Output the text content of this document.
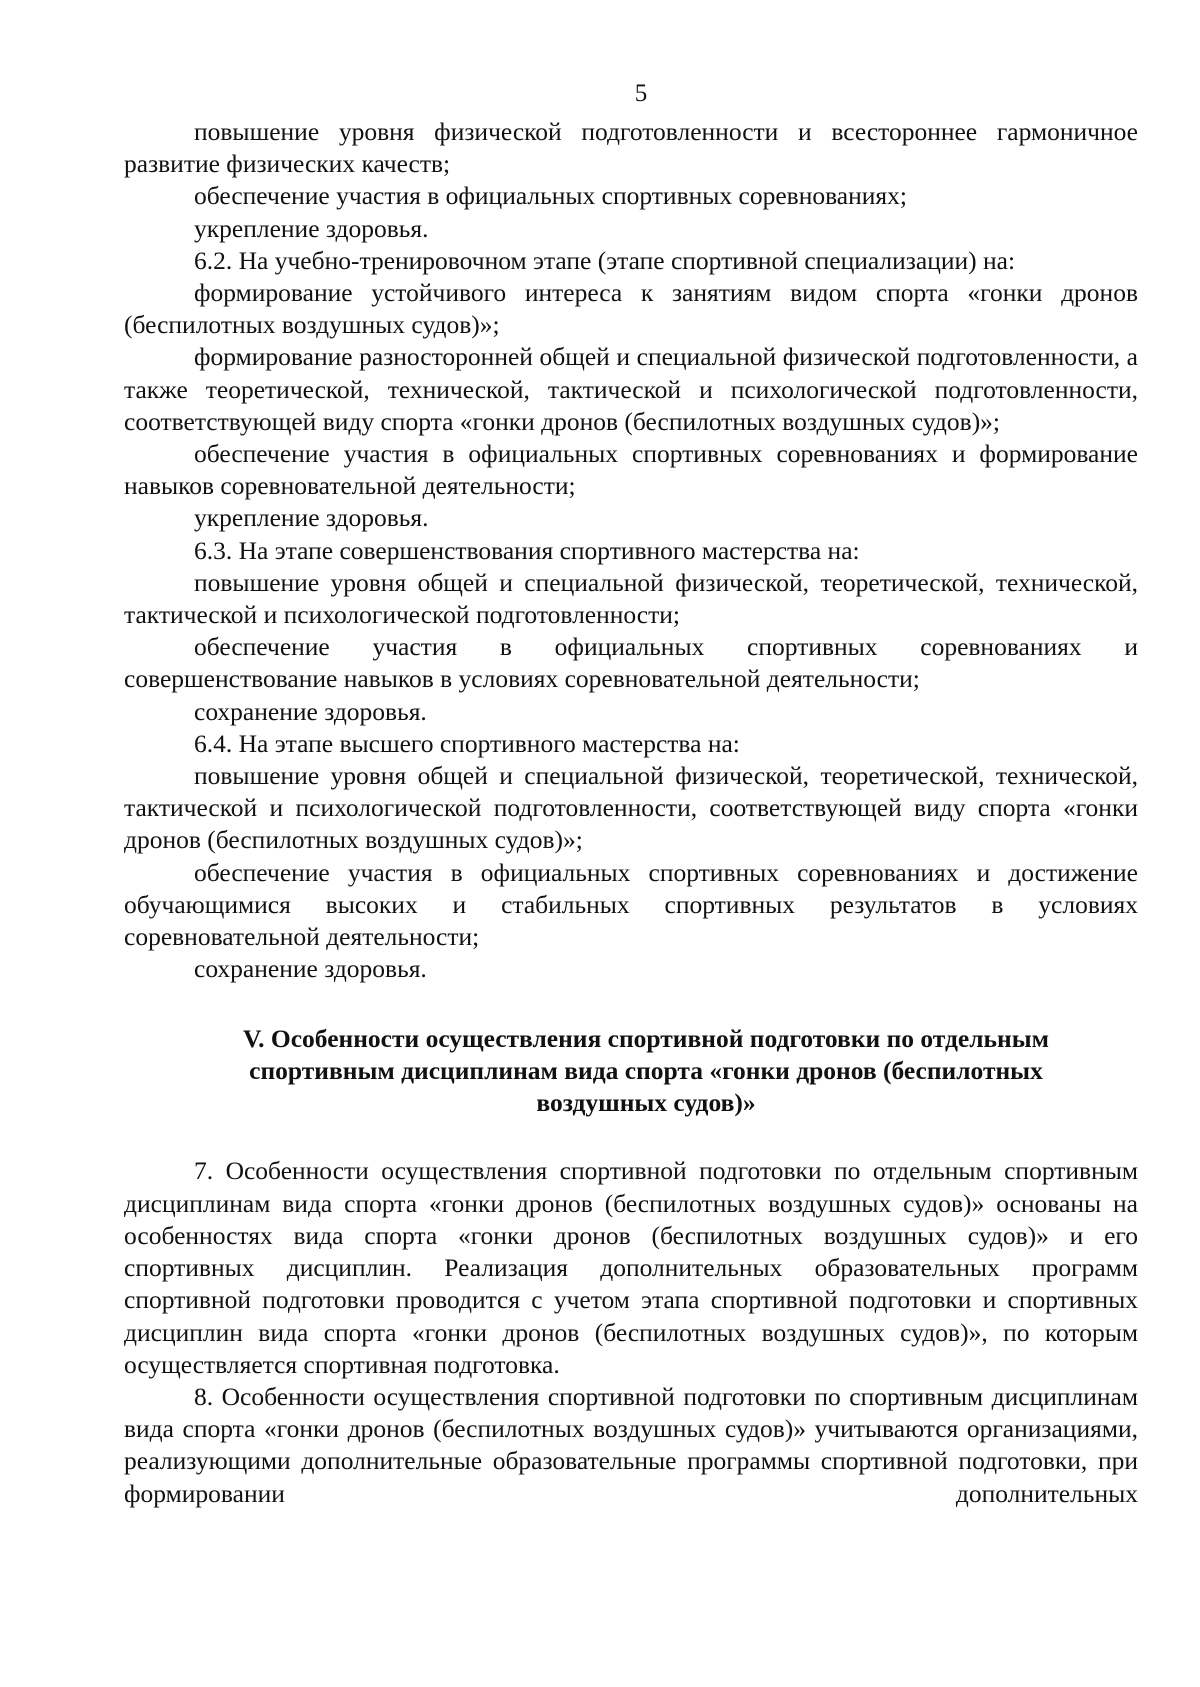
5

повышение уровня физической подготовленности и всестороннее гармоничное развитие физических качеств;

обеспечение участия в официальных спортивных соревнованиях;

укрепление здоровья.

6.2. На учебно-тренировочном этапе (этапе спортивной специализации) на:

формирование устойчивого интереса к занятиям видом спорта «гонки дронов (беспилотных воздушных судов)»;

формирование разносторонней общей и специальной физической подготовленности, а также теоретической, технической, тактической и психологической подготовленности, соответствующей виду спорта «гонки дронов (беспилотных воздушных судов)»;

обеспечение участия в официальных спортивных соревнованиях и формирование навыков соревновательной деятельности;

укрепление здоровья.

6.3. На этапе совершенствования спортивного мастерства на:

повышение уровня общей и специальной физической, теоретической, технической, тактической и психологической подготовленности;

обеспечение участия в официальных спортивных соревнованиях и совершенствование навыков в условиях соревновательной деятельности;

сохранение здоровья.

6.4. На этапе высшего спортивного мастерства на:

повышение уровня общей и специальной физической, теоретической, технической, тактической и психологической подготовленности, соответствующей виду спорта «гонки дронов (беспилотных воздушных судов)»;

обеспечение участия в официальных спортивных соревнованиях и достижение обучающимися высоких и стабильных спортивных результатов в условиях соревновательной деятельности;

сохранение здоровья.

V. Особенности осуществления спортивной подготовки по отдельным
спортивным дисциплинам вида спорта «гонки дронов (беспилотных
воздушных судов)»

7. Особенности осуществления спортивной подготовки по отдельным спортивным дисциплинам вида спорта «гонки дронов (беспилотных воздушных судов)» основаны на особенностях вида спорта «гонки дронов (беспилотных воздушных судов)» и его спортивных дисциплин. Реализация дополнительных образовательных программ спортивной подготовки проводится с учетом этапа спортивной подготовки и спортивных дисциплин вида спорта «гонки дронов (беспилотных воздушных судов)», по которым осуществляется спортивная подготовка.

8. Особенности осуществления спортивной подготовки по спортивным дисциплинам вида спорта «гонки дронов (беспилотных воздушных судов)» учитываются организациями, реализующими дополнительные образовательные программы спортивной подготовки, при формировании дополнительных
